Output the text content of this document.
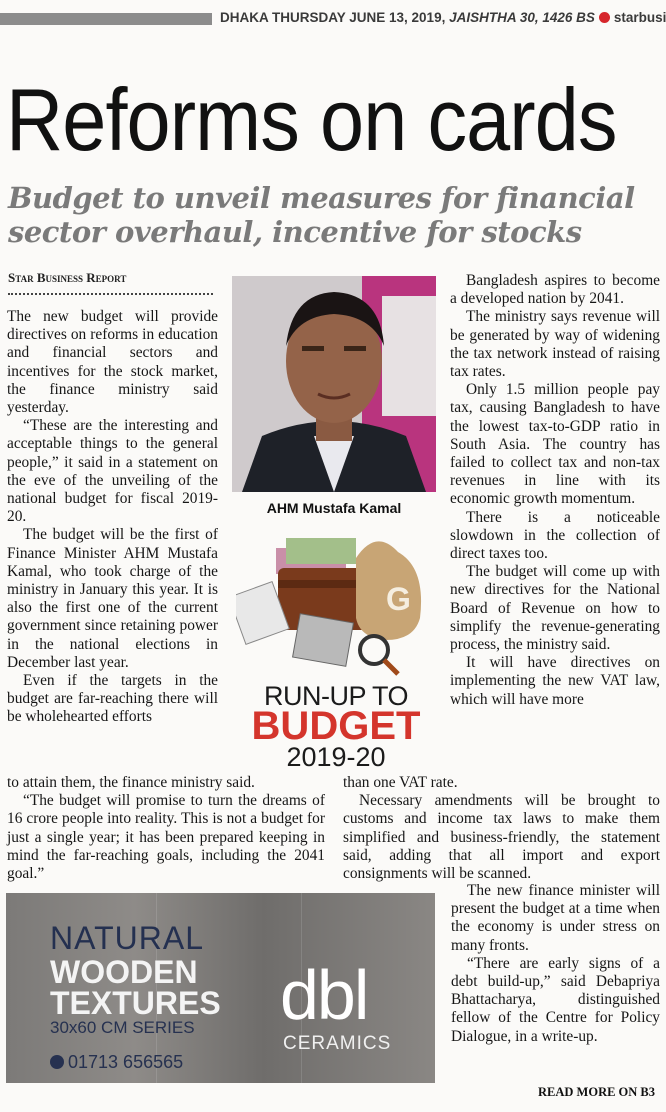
DHAKA THURSDAY JUNE 13, 2019, JAISHTHA 30, 1426 BS starbusi
Reforms on cards
Budget to unveil measures for financial sector overhaul, incentive for stocks
Star Business Report

The new budget will provide directives on reforms in education and financial sectors and incentives for the stock market, the finance ministry said yesterday.

“These are the interesting and acceptable things to the general people,” it said in a statement on the eve of the unveiling of the national budget for fiscal 2019-20.

The budget will be the first of Finance Minister AHM Mustafa Kamal, who took charge of the ministry in January this year. It is also the first one of the current government since retaining power in the national elections in December last year.

Even if the targets in the budget are far-reaching there will be wholehearted efforts

to attain them, the finance ministry said.

“The budget will promise to turn the dreams of 16 crore people into reality. This is not a budget for just a single year; it has been prepared keeping in mind the far-reaching goals, including the 2041 goal.”

AHM Mustafa Kamal
G
RUN-UP TO
BUDGET
2019-20

Bangladesh aspires to become a developed nation by 2041.

The ministry says revenue will be generated by way of widening the tax network instead of raising tax rates.

Only 1.5 million people pay tax, causing Bangladesh to have the lowest tax-to-GDP ratio in South Asia. The country has failed to collect tax and non-tax revenues in line with its economic growth momentum.

There is a noticeable slowdown in the collection of direct taxes too.

The budget will come up with new directives for the National Board of Revenue on how to simplify the revenue-generating process, the ministry said.

It will have directives on implementing the new VAT law, which will have more

than one VAT rate.

Necessary amendments will be brought to customs and income tax laws to make them simplified and business-friendly, the statement said, adding that all import and export consignments will be scanned.

The new finance minister will present the budget at a time when the economy is under stress on many fronts.

“There are early signs of a debt build-up,” said Debapriya Bhattacharya, distinguished fellow of the Centre for Policy Dialogue, in a write-up.

READ MORE ON B3
NATURAL
WOODEN
TEXTURES
30x60 CM SERIES
01713 656565
dbl
CERAMICS
